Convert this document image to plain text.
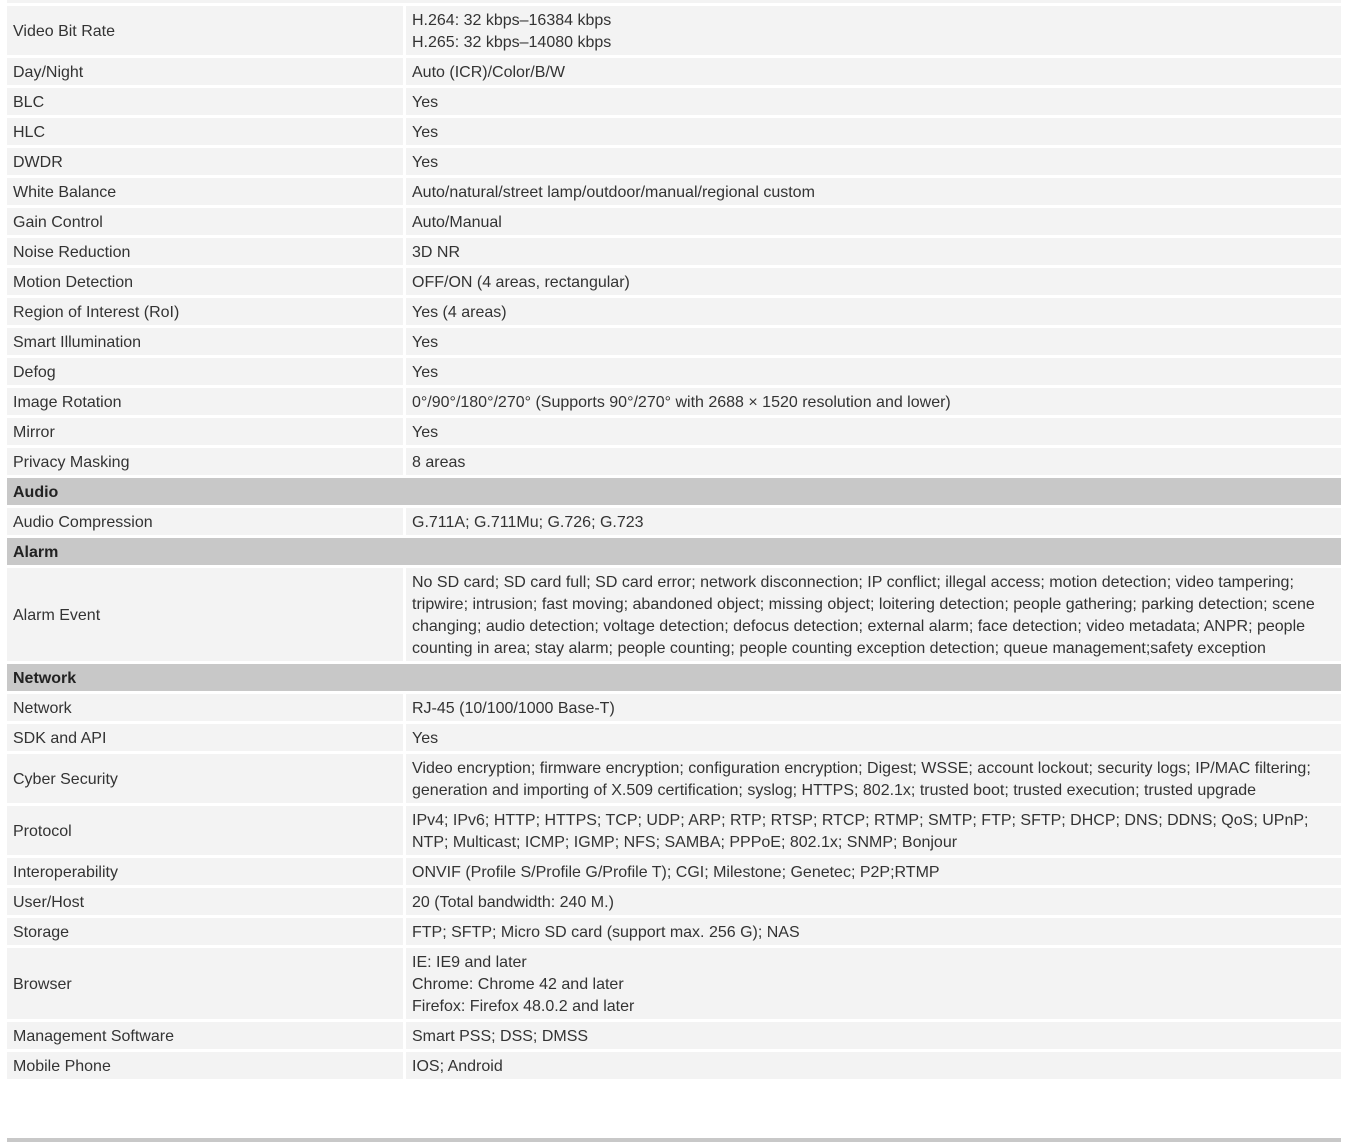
Video Bit Rate	H.264: 32 kbps–16384 kbps
H.265: 32 kbps–14080 kbps

Day/Night	Auto (ICR)/Color/B/W

BLC	Yes

HLC	Yes

DWDR	Yes

White Balance	Auto/natural/street lamp/outdoor/manual/regional custom

Gain Control	Auto/Manual

Noise Reduction	3D NR

Motion Detection	OFF/ON (4 areas, rectangular)

Region of Interest (RoI)	Yes (4 areas)

Smart Illumination	Yes

Defog	Yes

Image Rotation	0°/90°/180°/270° (Supports 90°/270° with 2688 × 1520 resolution and lower)

Mirror	Yes

Privacy Masking	8 areas

Audio	
Audio Compression	G.711A; G.711Mu; G.726; G.723

Alarm	
Alarm Event	No SD card; SD card full; SD card error; network disconnection; IP conflict; illegal access; motion detection; video tampering; tripwire; intrusion; fast moving; abandoned object; missing object; loitering detection; people gathering; parking detection; scene changing; audio detection; voltage detection; defocus detection; external alarm; face detection; video metadata; ANPR; people counting in area; stay alarm; people counting; people counting exception detection; queue management;safety exception

Network	
Network	RJ-45 (10/100/1000 Base-T)

SDK and API	Yes

Cyber Security	Video encryption; firmware encryption; configuration encryption; Digest; WSSE; account lockout; security logs; IP/MAC filtering; generation and importing of X.509 certification; syslog; HTTPS; 802.1x; trusted boot; trusted execution; trusted upgrade

Protocol	IPv4; IPv6; HTTP; HTTPS; TCP; UDP; ARP; RTP; RTSP; RTCP; RTMP; SMTP; FTP; SFTP; DHCP; DNS; DDNS; QoS; UPnP; NTP; Multicast; ICMP; IGMP; NFS; SAMBA; PPPoE; 802.1x; SNMP; Bonjour

Interoperability	ONVIF (Profile S/Profile G/Profile T); CGI; Milestone; Genetec; P2P;RTMP

User/Host	20 (Total bandwidth: 240 M.)

Storage	FTP; SFTP; Micro SD card (support max. 256 G); NAS

Browser	IE: IE9 and later
Chrome: Chrome 42 and later
Firefox: Firefox 48.0.2 and later

Management Software	Smart PSS; DSS; DMSS

Mobile Phone	IOS; Android
